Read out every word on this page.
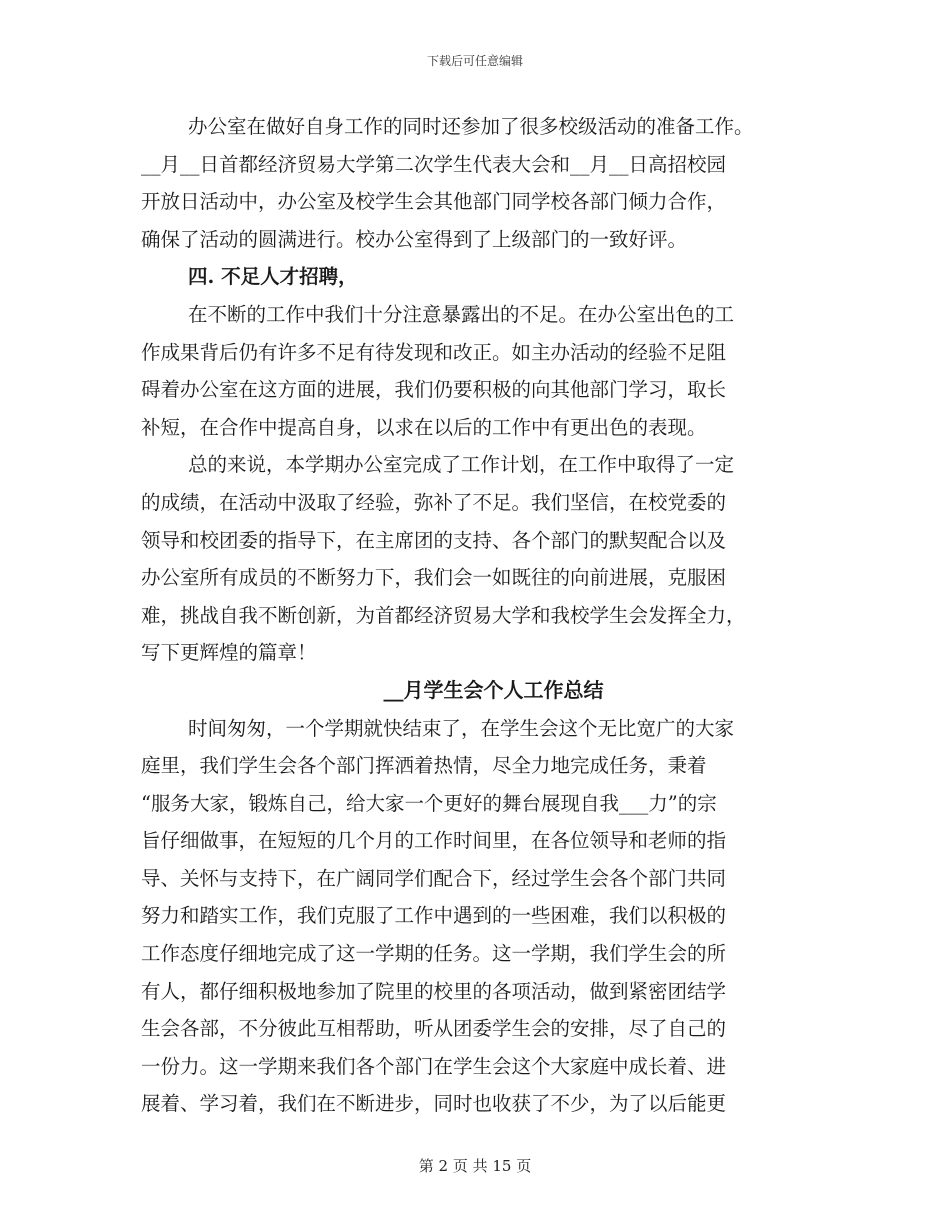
下载后可任意编辑
办公室在做好自身工作的同时还参加了很多校级活动的准备工作。
__月__日首都经济贸易大学第二次学生代表大会和__月__日高招校园
开放日活动中，办公室及校学生会其他部门同学校各部门倾力合作，
确保了活动的圆满进行。校办公室得到了上级部门的一致好评。
四. 不足人才招聘，
在不断的工作中我们十分注意暴露出的不足。在办公室出色的工
作成果背后仍有许多不足有待发现和改正。如主办活动的经验不足阻
碍着办公室在这方面的进展，我们仍要积极的向其他部门学习，取长
补短，在合作中提高自身，以求在以后的工作中有更出色的表现。
总的来说，本学期办公室完成了工作计划，在工作中取得了一定
的成绩，在活动中汲取了经验，弥补了不足。我们坚信，在校党委的
领导和校团委的指导下，在主席团的支持、各个部门的默契配合以及
办公室所有成员的不断努力下，我们会一如既往的向前进展，克服困
难，挑战自我不断创新，为首都经济贸易大学和我校学生会发挥全力，
写下更辉煌的篇章！
__月学生会个人工作总结
时间匆匆，一个学期就快结束了，在学生会这个无比宽广的大家
庭里，我们学生会各个部门挥洒着热情，尽全力地完成任务，秉着
“服务大家，锻炼自己，给大家一个更好的舞台展现自我___力”的宗
旨仔细做事，在短短的几个月的工作时间里，在各位领导和老师的指
导、关怀与支持下，在广阔同学们配合下，经过学生会各个部门共同
努力和踏实工作，我们克服了工作中遇到的一些困难，我们以积极的
工作态度仔细地完成了这一学期的任务。这一学期，我们学生会的所
有人，都仔细积极地参加了院里的校里的各项活动，做到紧密团结学
生会各部，不分彼此互相帮助，听从团委学生会的安排，尽了自己的
一份力。这一学期来我们各个部门在学生会这个大家庭中成长着、进
展着、学习着，我们在不断进步，同时也收获了不少，为了以后能更
第 2 页 共 15 页
